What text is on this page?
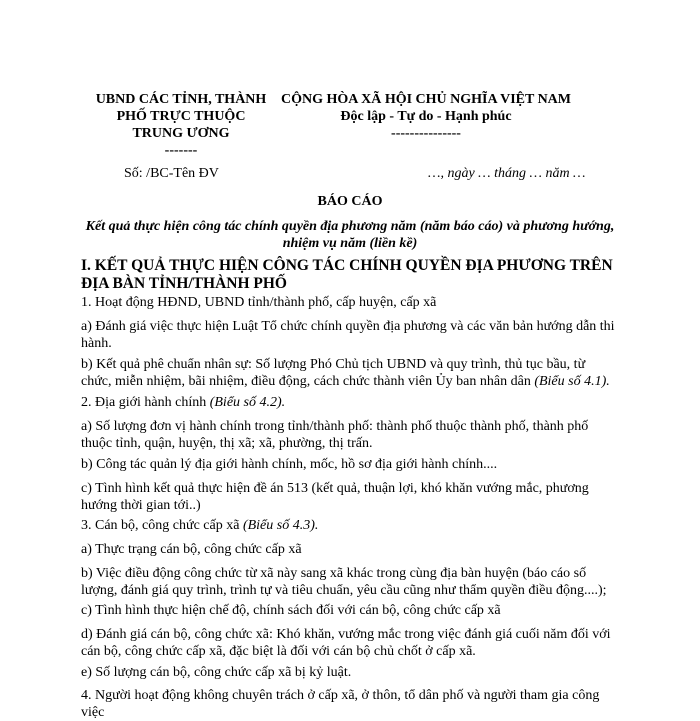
UBND CÁC TỈNH, THÀNH
PHỐ TRỰC THUỘC
TRUNG ƯƠNG
-------
CỘNG HÒA XÃ HỘI CHỦ NGHĨA VIỆT NAM
Độc lập - Tự do - Hạnh phúc
---------------
Số: /BC-Tên ĐV	…, ngày … tháng … năm …
BÁO CÁO
Kết quả thực hiện công tác chính quyền địa phương năm (năm báo cáo) và phương hướng, nhiệm vụ năm (liền kề)

I. KẾT QUẢ THỰC HIỆN CÔNG TÁC CHÍNH QUYỀN ĐỊA PHƯƠNG TRÊN ĐỊA BÀN TỈNH/THÀNH PHỐ

1. Hoạt động HĐND, UBND tỉnh/thành phố, cấp huyện, cấp xã

a) Đánh giá việc thực hiện Luật Tổ chức chính quyền địa phương và các văn bản hướng dẫn thi hành.

b) Kết quả phê chuẩn nhân sự: Số lượng Phó Chủ tịch UBND và quy trình, thủ tục bầu, từ chức, miễn nhiệm, bãi nhiệm, điều động, cách chức thành viên Ủy ban nhân dân (Biểu số 4.1).

2. Địa giới hành chính (Biểu số 4.2).

a) Số lượng đơn vị hành chính trong tỉnh/thành phố: thành phố thuộc thành phố, thành phố thuộc tỉnh, quận, huyện, thị xã; xã, phường, thị trấn.

b) Công tác quản lý địa giới hành chính, mốc, hồ sơ địa giới hành chính....

c) Tình hình kết quả thực hiện đề án 513 (kết quả, thuận lợi, khó khăn vướng mắc, phương hướng thời gian tới..)

3. Cán bộ, công chức cấp xã (Biểu số 4.3).

a) Thực trạng cán bộ, công chức cấp xã

b) Việc điều động công chức từ xã này sang xã khác trong cùng địa bàn huyện (báo cáo số lượng, đánh giá quy trình, trình tự và tiêu chuẩn, yêu cầu cũng như thẩm quyền điều động....);

c) Tình hình thực hiện chế độ, chính sách đối với cán bộ, công chức cấp xã

d) Đánh giá cán bộ, công chức xã: Khó khăn, vướng mắc trong việc đánh giá cuối năm đối với cán bộ, công chức cấp xã, đặc biệt là đối với cán bộ chủ chốt ở cấp xã.

e) Số lượng cán bộ, công chức cấp xã bị kỷ luật.

4. Người hoạt động không chuyên trách ở cấp xã, ở thôn, tổ dân phố và người tham gia công việc
